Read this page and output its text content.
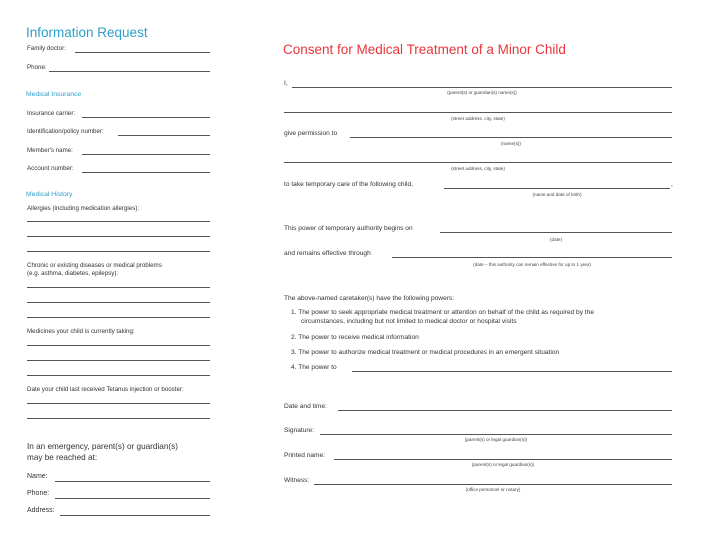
Information Request
Family doctor:
Phone:
Medical Insurance
Insurance carrier:
Identification/policy number:
Member's name:
Account number:
Medical History
Allergies (including medication allergies):
Chronic or existing diseases or medical problems
(e.g. asthma, diabetes, epilepsy):
Medicines your child is currently taking:
Date your child last received Tetanus injection or booster:
In an emergency, parent(s) or guardian(s)
may be reached at:
Name:
Phone:
Address:
Consent for Medical Treatment of a Minor Child
I,
(parent(s) or guardian(s) name(s))
(street address, city, state)
give permission to
(name(s))
(street address, city, state)
to take temporary care of the following child,	,
(name and date of birth)
This power of temporary authority begins on
(date)
and remains effective through
(date – this authority can remain effective for up to 1 year)
The above-named caretaker(s) have the following powers:
1. The power to seek appropriate medical treatment or attention on behalf of the child as required by the
circumstances, including but not limited to medical doctor or hospital visits
2. The power to receive medical information
3. The power to authorize medical treatment or medical procedures in an emergent situation
4. The power to
Date and time:
Signature:
(parent(s) or legal guardian(s))
Printed name:
(parent(s) or legal guardian(s))
Witness:
(office personnel or notary)
